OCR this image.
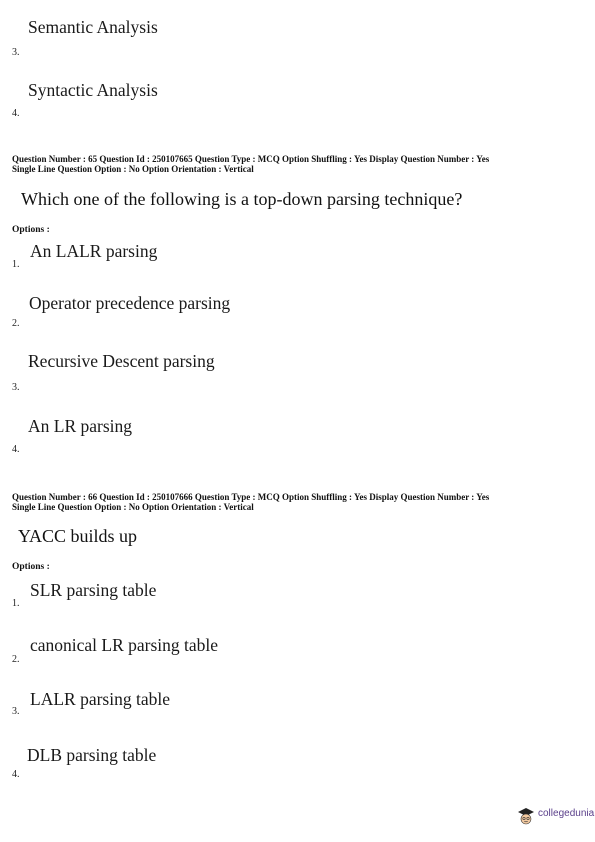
Semantic Analysis
3.
Syntactic Analysis
4.
Question Number : 65 Question Id : 250107665 Question Type : MCQ Option Shuffling : Yes Display Question Number : Yes
Single Line Question Option : No Option Orientation : Vertical
Which one of the following is a top-down parsing technique?
Options :
An LALR parsing
1.
Operator precedence parsing
2.
Recursive Descent parsing
3.
An LR parsing
4.
Question Number : 66 Question Id : 250107666 Question Type : MCQ Option Shuffling : Yes Display Question Number : Yes
Single Line Question Option : No Option Orientation : Vertical
YACC builds up
Options :
SLR parsing table
1.
canonical LR parsing table
2.
LALR parsing table
3.
DLB parsing table
4.
collegedunia
